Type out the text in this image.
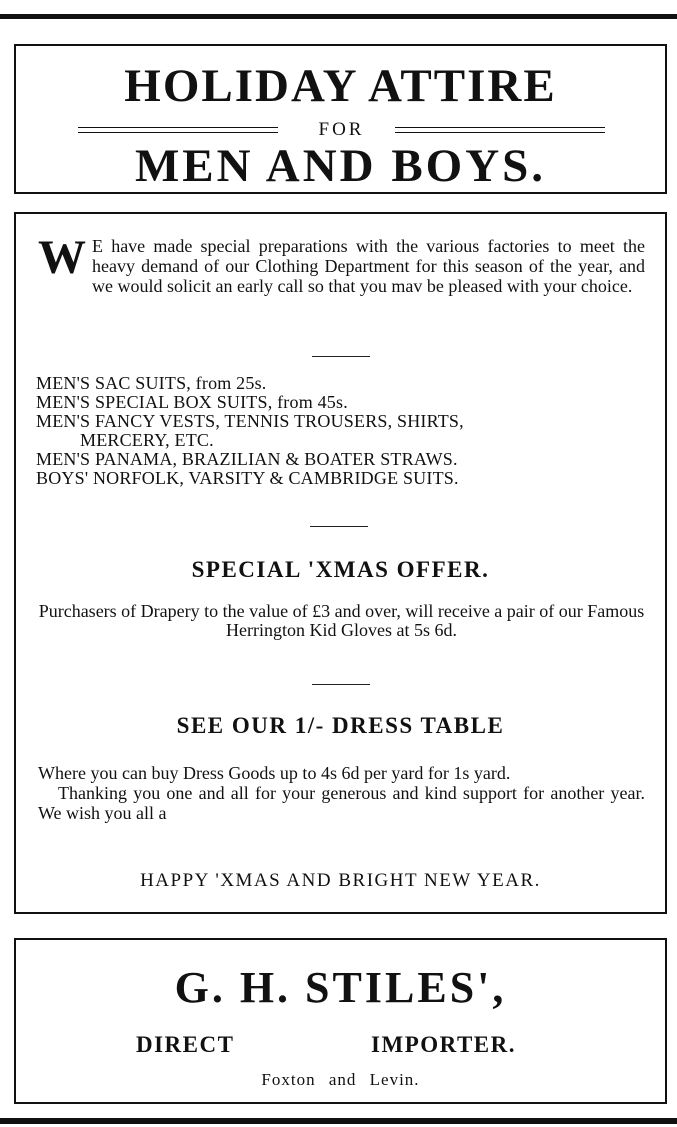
HOLIDAY ATTIRE
FOR
MEN AND BOYS.
W E have made special preparations with the various factories to meet the heavy demand of our Clothing Department for this season of the year, and we would solicit an early call so that you mav be pleased with your choice.
MEN'S SAC SUITS, from 25s.
MEN'S SPECIAL BOX SUITS, from 45s.
MEN'S FANCY VESTS, TENNIS TROUSERS, SHIRTS,
MERCERY, ETC.
MEN'S PANAMA, BRAZILIAN & BOATER STRAWS.
BOYS' NORFOLK, VARSITY & CAMBRIDGE SUITS.
SPECIAL 'XMAS OFFER.
Purchasers of Drapery to the value of £3 and over, will receive a pair of our Famous Herrington Kid Gloves at 5s 6d.
SEE OUR 1/- DRESS TABLE
Where you can buy Dress Goods up to 4s 6d per yard for 1s yard.
Thanking you one and all for your generous and kind support for another year. We wish you all a
HAPPY 'XMAS AND BRIGHT NEW YEAR.
G. H. STILES',
DIRECT	IMPORTER.
Foxton and Levin.
